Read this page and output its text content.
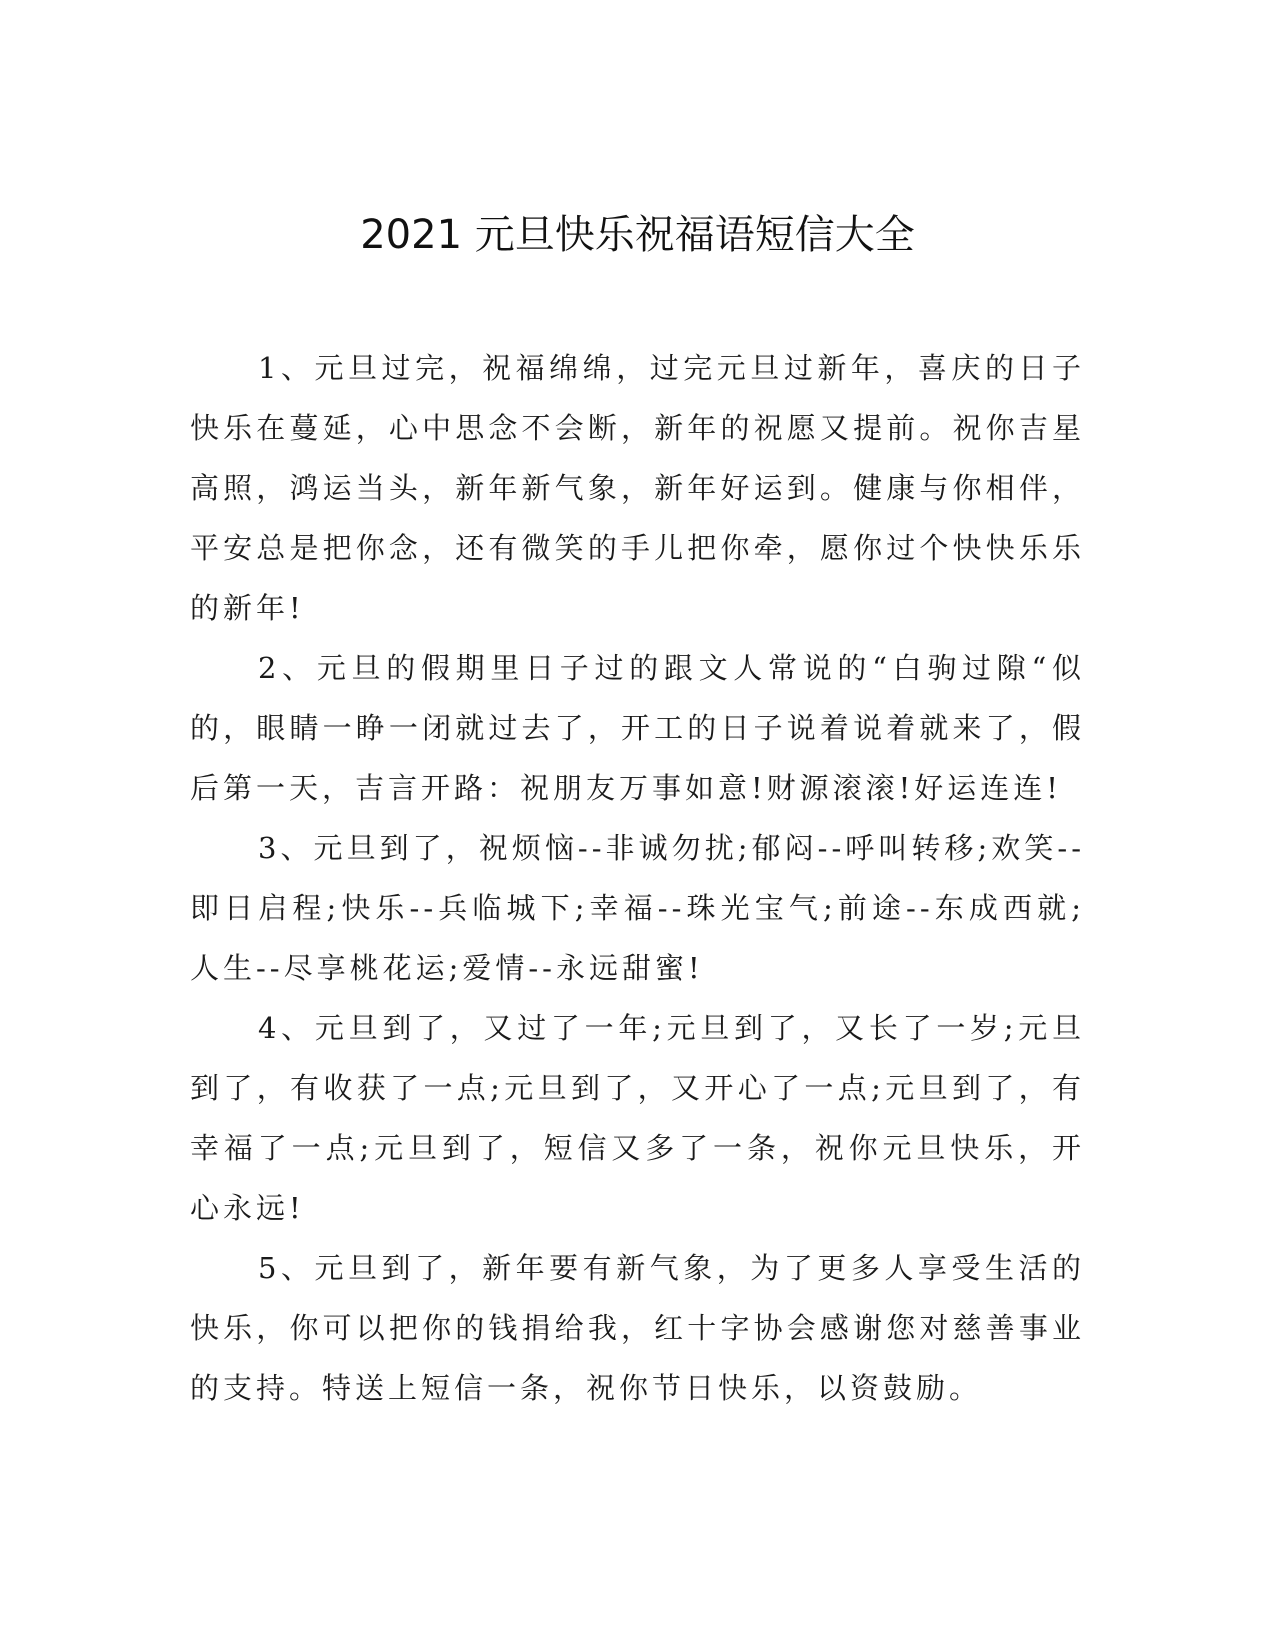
2021 元旦快乐祝福语短信大全

1、元旦过完，祝福绵绵，过完元旦过新年，喜庆的日子快乐在蔓延，心中思念不会断，新年的祝愿又提前。祝你吉星高照，鸿运当头，新年新气象，新年好运到。健康与你相伴，平安总是把你念，还有微笑的手儿把你牵，愿你过个快快乐乐的新年!

2、元旦的假期里日子过的跟文人常说的“白驹过隙“似的，眼睛一睁一闭就过去了，开工的日子说着说着就来了，假后第一天，吉言开路：祝朋友万事如意!财源滚滚!好运连连!

3、元旦到了，祝烦恼--非诚勿扰;郁闷--呼叫转移;欢笑--即日启程;快乐--兵临城下;幸福--珠光宝气;前途--东成西就;人生--尽享桃花运;爱情--永远甜蜜!

4、元旦到了，又过了一年;元旦到了，又长了一岁;元旦到了，有收获了一点;元旦到了，又开心了一点;元旦到了，有幸福了一点;元旦到了，短信又多了一条，祝你元旦快乐，开心永远!

5、元旦到了，新年要有新气象，为了更多人享受生活的快乐，你可以把你的钱捐给我，红十字协会感谢您对慈善事业的支持。特送上短信一条，祝你节日快乐，以资鼓励。
